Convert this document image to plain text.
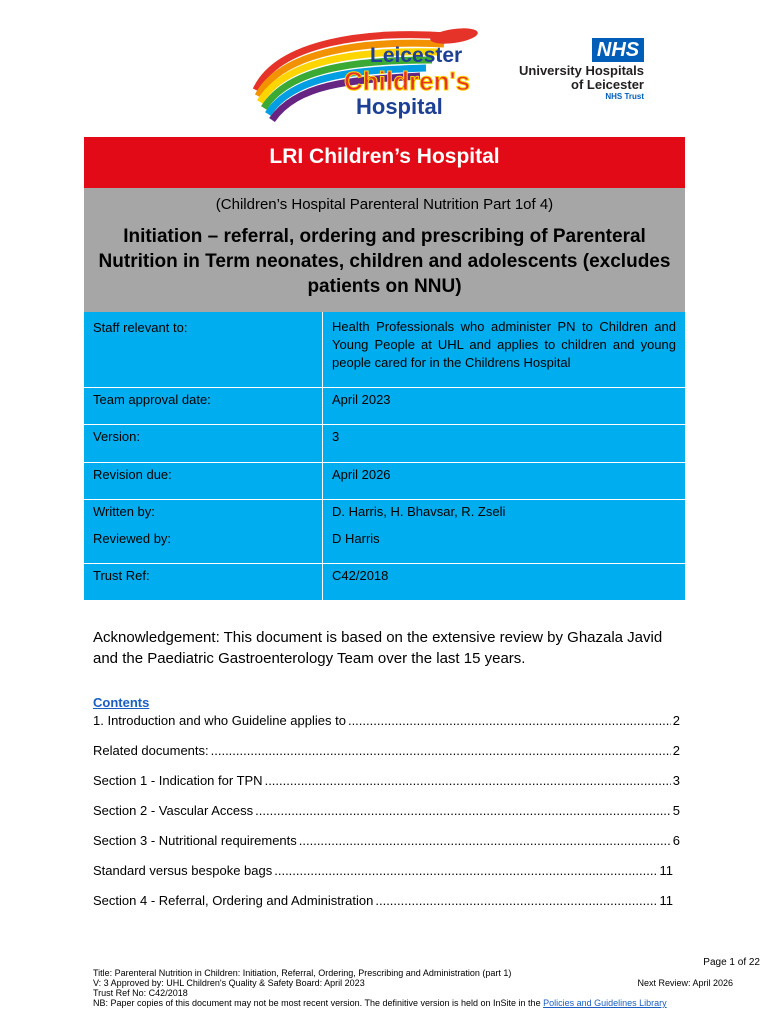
Leicester
Children's
Hospital
NHS
University Hospitals
of Leicester
NHS Trust
LRI Children’s Hospital
(Children’s Hospital Parenteral Nutrition Part 1of 4)
Initiation – referral, ordering and prescribing of Parenteral Nutrition in Term neonates, children and adolescents (excludes patients on NNU)
Staff relevant to:	Health Professionals who administer PN to Children and Young People at UHL and applies to children and young people cared for in the Childrens Hospital
Team approval date:	April 2023
Version:	3
Revision due:	April 2026
Written by:	D. Harris, H. Bhavsar, R. Zseli
Reviewed by:	D Harris
Trust Ref:	C42/2018
Acknowledgement: This document is based on the extensive review by Ghazala Javid and the Paediatric Gastroenterology Team over the last 15 years.
Contents
1. Introduction and who Guideline applies to .....	2
Related documents: .....	2
Section 1 - Indication for TPN .....	3
Section 2 - Vascular Access .....	5
Section 3 - Nutritional requirements .....	6
Standard versus bespoke bags .....	11
Section 4 - Referral, Ordering and Administration .....	11
Page 1 of 22
Title: Parenteral Nutrition in Children: Initiation, Referral, Ordering, Prescribing and Administration (part 1)
V: 3 Approved by: UHL Children's Quality & Safety Board: April 2023	Next Review: April 2026
Trust Ref No: C42/2018
NB: Paper copies of this document may not be most recent version. The definitive version is held on InSite in the Policies and Guidelines Library
